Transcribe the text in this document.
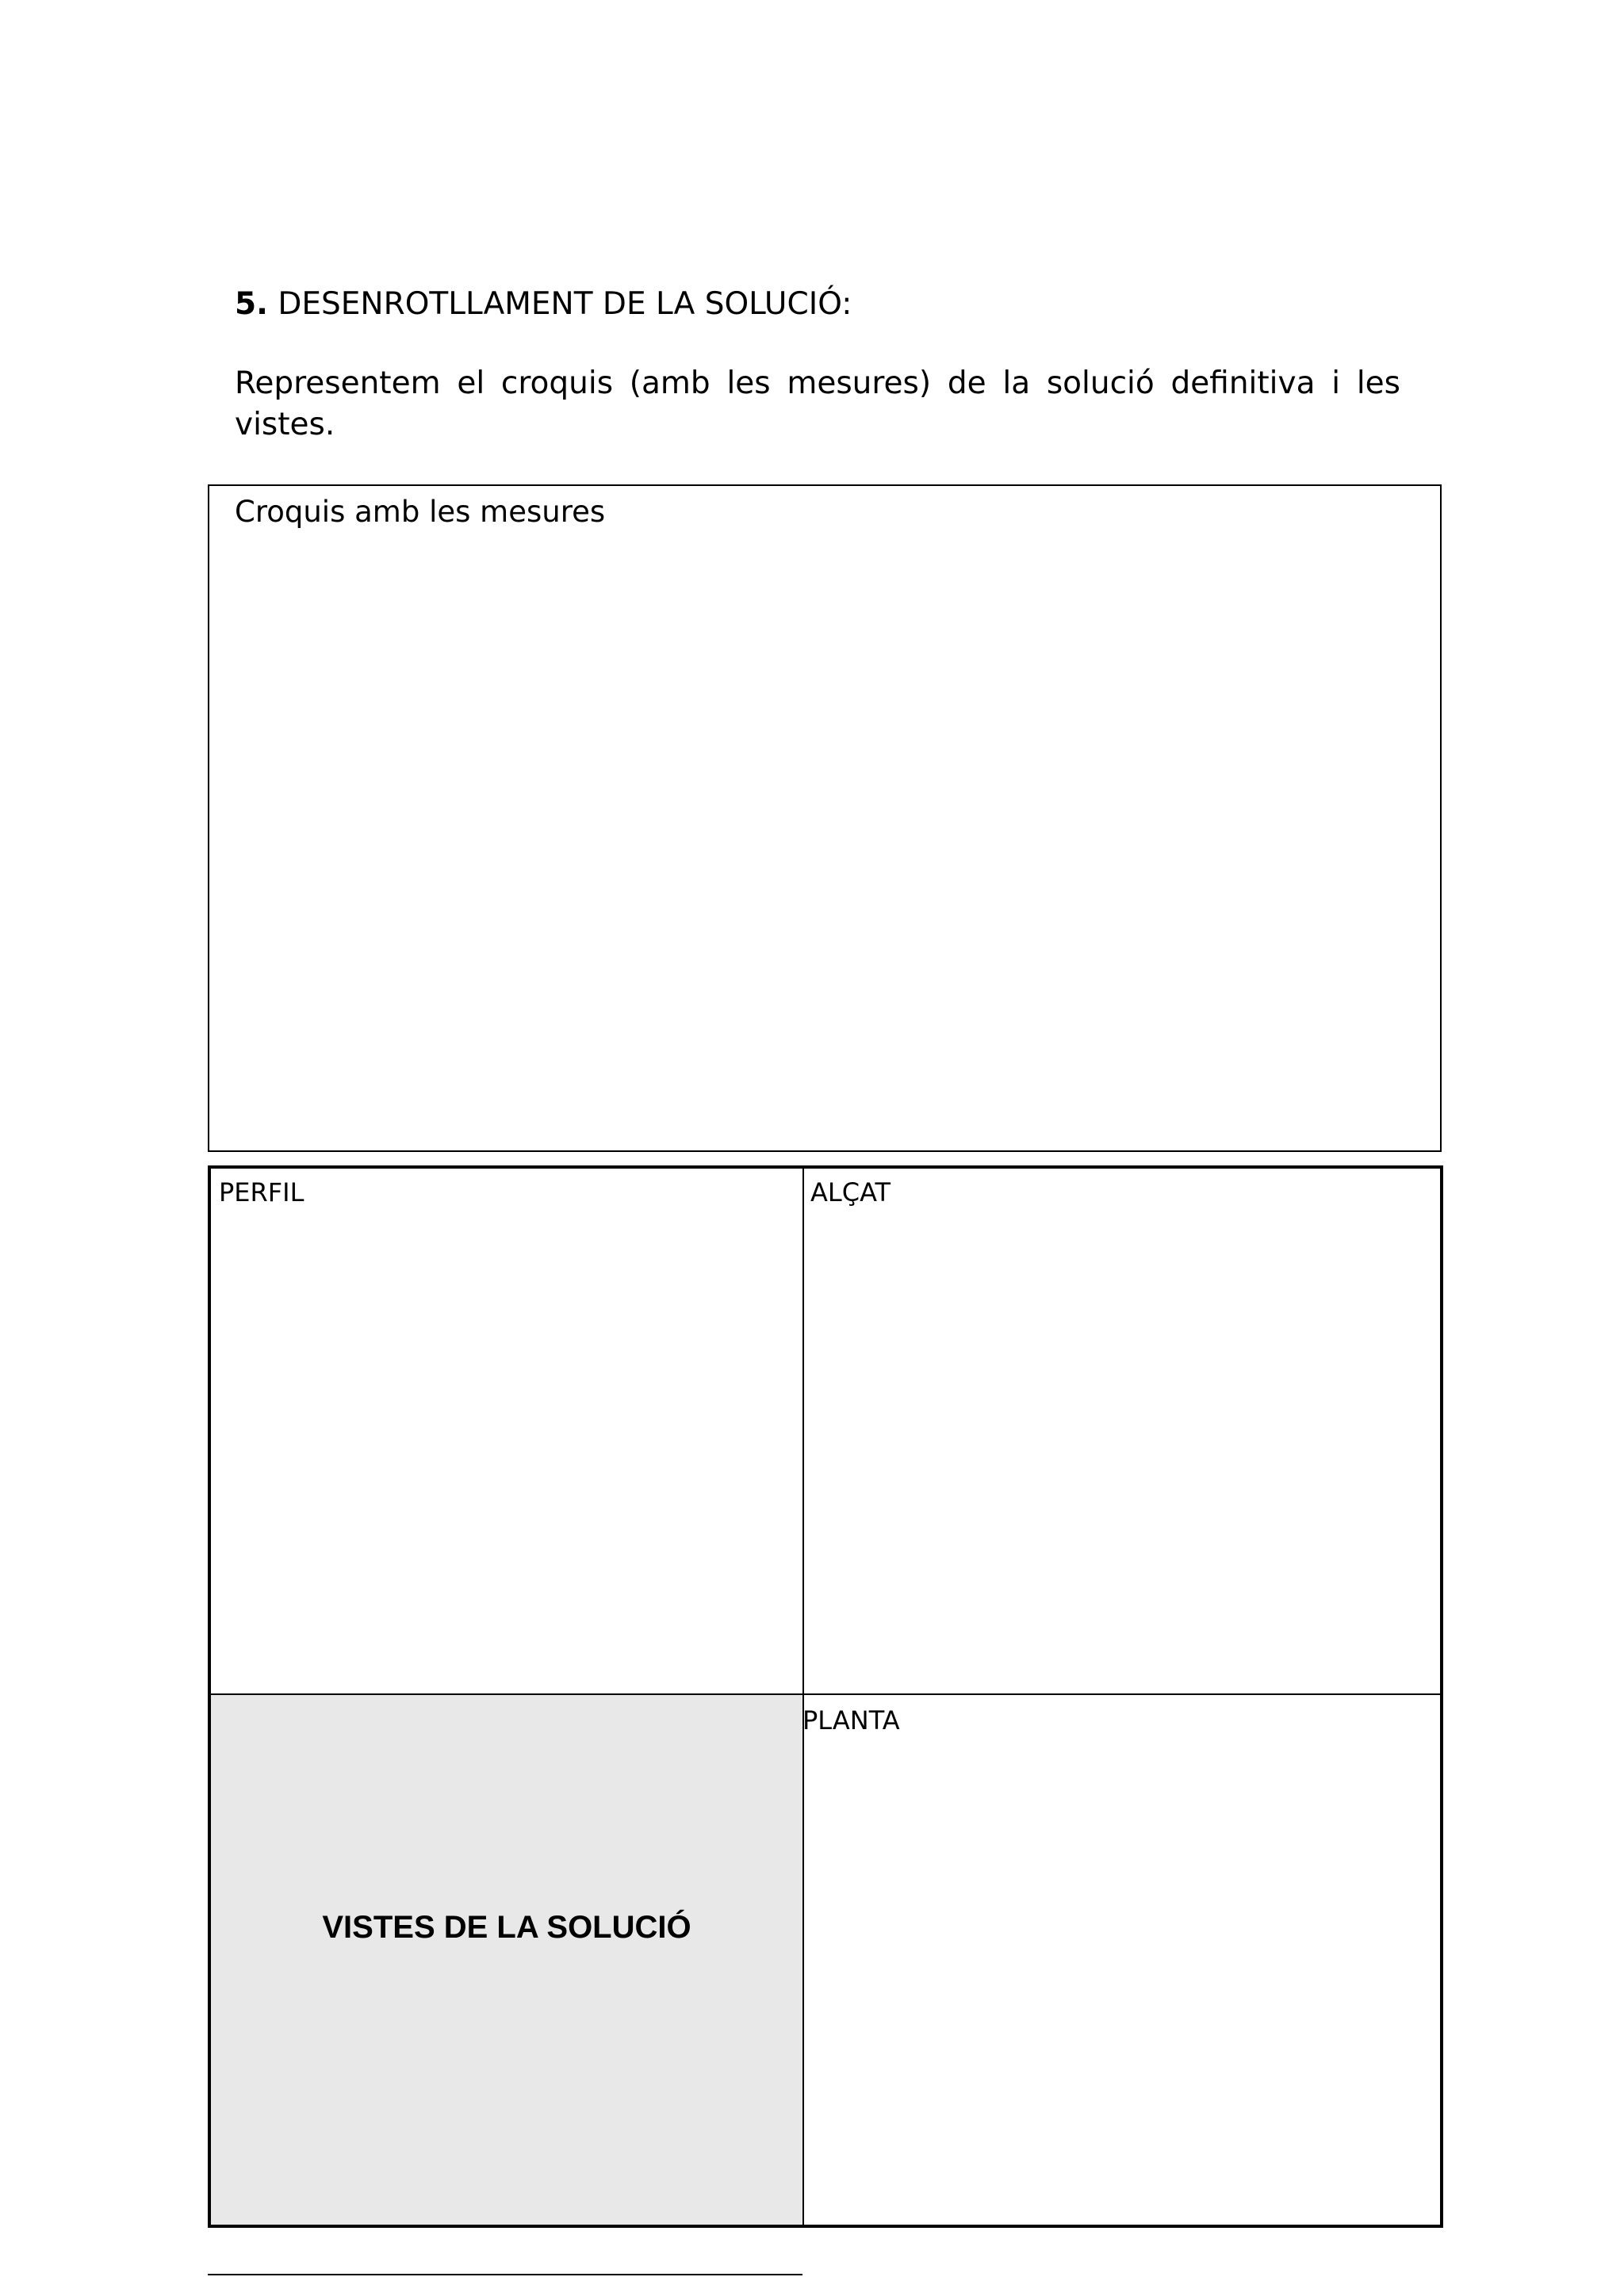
5. DESENROTLLAMENT DE LA SOLUCIÓ:
Representem el croquis (amb les mesures) de la solució definitiva i les vistes.
Croquis amb les mesures
PERFIL	ALÇAT
VISTES DE LA SOLUCIÓ
PLANTA
